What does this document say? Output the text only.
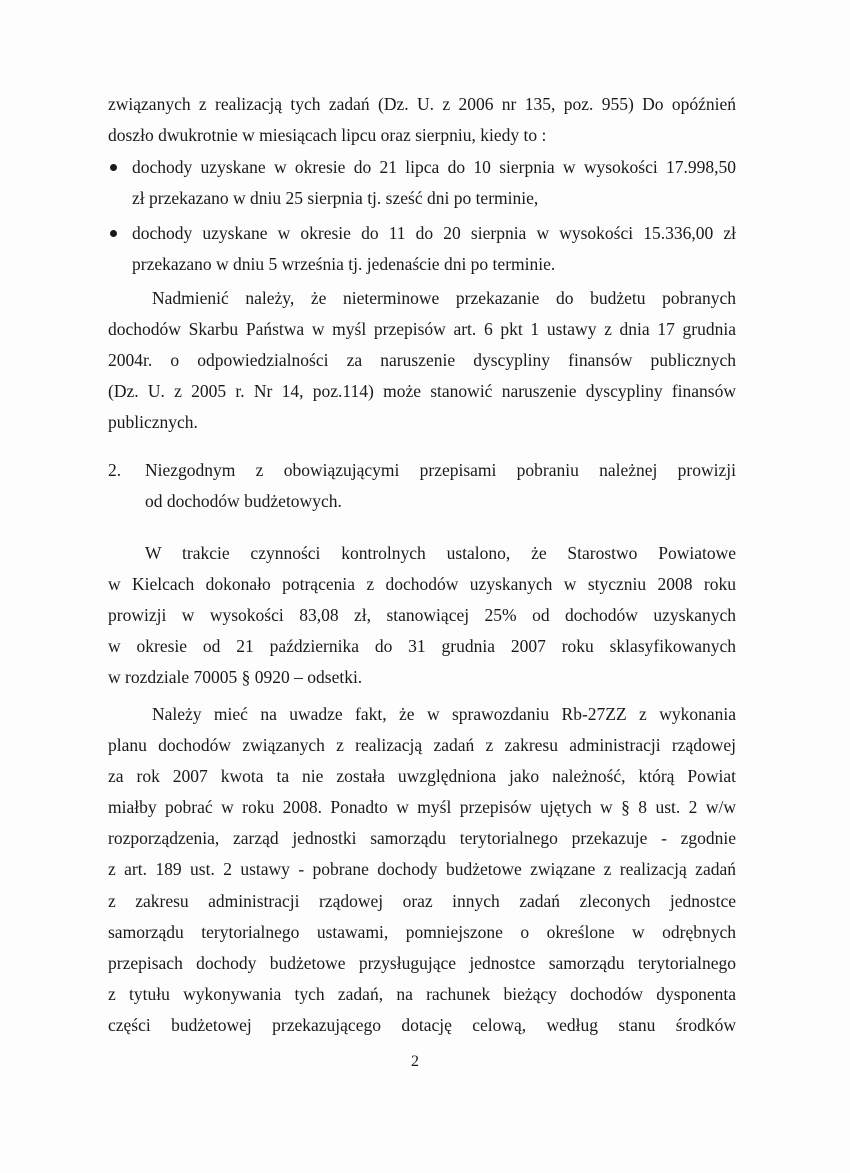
związanych z realizacją tych zadań (Dz. U. z 2006 nr 135, poz. 955) Do opóźnień
doszło dwukrotnie w miesiącach lipcu oraz sierpniu, kiedy to :
dochody uzyskane w okresie do 21 lipca do 10 sierpnia w wysokości 17.998,50
zł przekazano w dniu 25 sierpnia tj. sześć dni po terminie,
dochody uzyskane w okresie do 11 do 20 sierpnia w wysokości 15.336,00 zł
przekazano w dniu 5 września tj. jedenaście dni po terminie.
Nadmienić należy, że nieterminowe przekazanie do budżetu pobranych
dochodów Skarbu Państwa w myśl przepisów art. 6 pkt 1 ustawy z dnia 17 grudnia
2004r. o odpowiedzialności za naruszenie dyscypliny finansów publicznych
(Dz. U. z 2005 r. Nr 14, poz.114) może stanowić naruszenie dyscypliny finansów
publicznych.
2. Niezgodnym z obowiązującymi przepisami pobraniu należnej prowizji
od dochodów budżetowych.
W trakcie czynności kontrolnych ustalono, że Starostwo Powiatowe
w Kielcach dokonało potrącenia z dochodów uzyskanych w styczniu 2008 roku
prowizji w wysokości 83,08 zł, stanowiącej 25% od dochodów uzyskanych
w okresie od 21 października do 31 grudnia 2007 roku sklasyfikowanych
w rozdziale 70005 § 0920 – odsetki.
Należy mieć na uwadze fakt, że w sprawozdaniu Rb-27ZZ z wykonania
planu dochodów związanych z realizacją zadań z zakresu administracji rządowej
za rok 2007 kwota ta nie została uwzględniona jako należność, którą Powiat
miałby pobrać w roku 2008. Ponadto w myśl przepisów ujętych w § 8 ust. 2 w/w
rozporządzenia, zarząd jednostki samorządu terytorialnego przekazuje - zgodnie
z art. 189 ust. 2 ustawy - pobrane dochody budżetowe związane z realizacją zadań
z zakresu administracji rządowej oraz innych zadań zleconych jednostce
samorządu terytorialnego ustawami, pomniejszone o określone w odrębnych
przepisach dochody budżetowe przysługujące jednostce samorządu terytorialnego
z tytułu wykonywania tych zadań, na rachunek bieżący dochodów dysponenta
części budżetowej przekazującego dotację celową, według stanu środków
2
